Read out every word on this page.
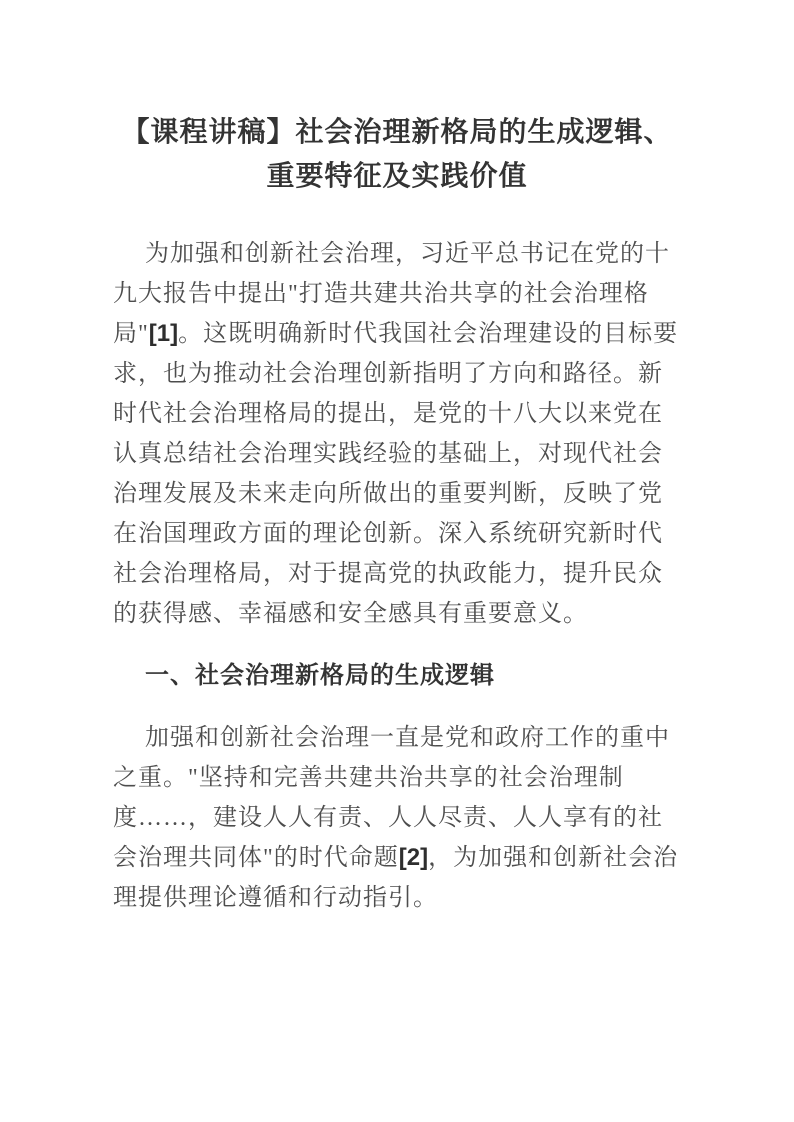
【课程讲稿】社会治理新格局的生成逻辑、重要特征及实践价值

为加强和创新社会治理，习近平总书记在党的十九大报告中提出"打造共建共治共享的社会治理格局"[1]。这既明确新时代我国社会治理建设的目标要求，也为推动社会治理创新指明了方向和路径。新时代社会治理格局的提出，是党的十八大以来党在认真总结社会治理实践经验的基础上，对现代社会治理发展及未来走向所做出的重要判断，反映了党在治国理政方面的理论创新。深入系统研究新时代社会治理格局，对于提高党的执政能力，提升民众的获得感、幸福感和安全感具有重要意义。

一、社会治理新格局的生成逻辑

加强和创新社会治理一直是党和政府工作的重中之重。"坚持和完善共建共治共享的社会治理制度……，建设人人有责、人人尽责、人人享有的社会治理共同体"的时代命题[2]，为加强和创新社会治理提供理论遵循和行动指引。
